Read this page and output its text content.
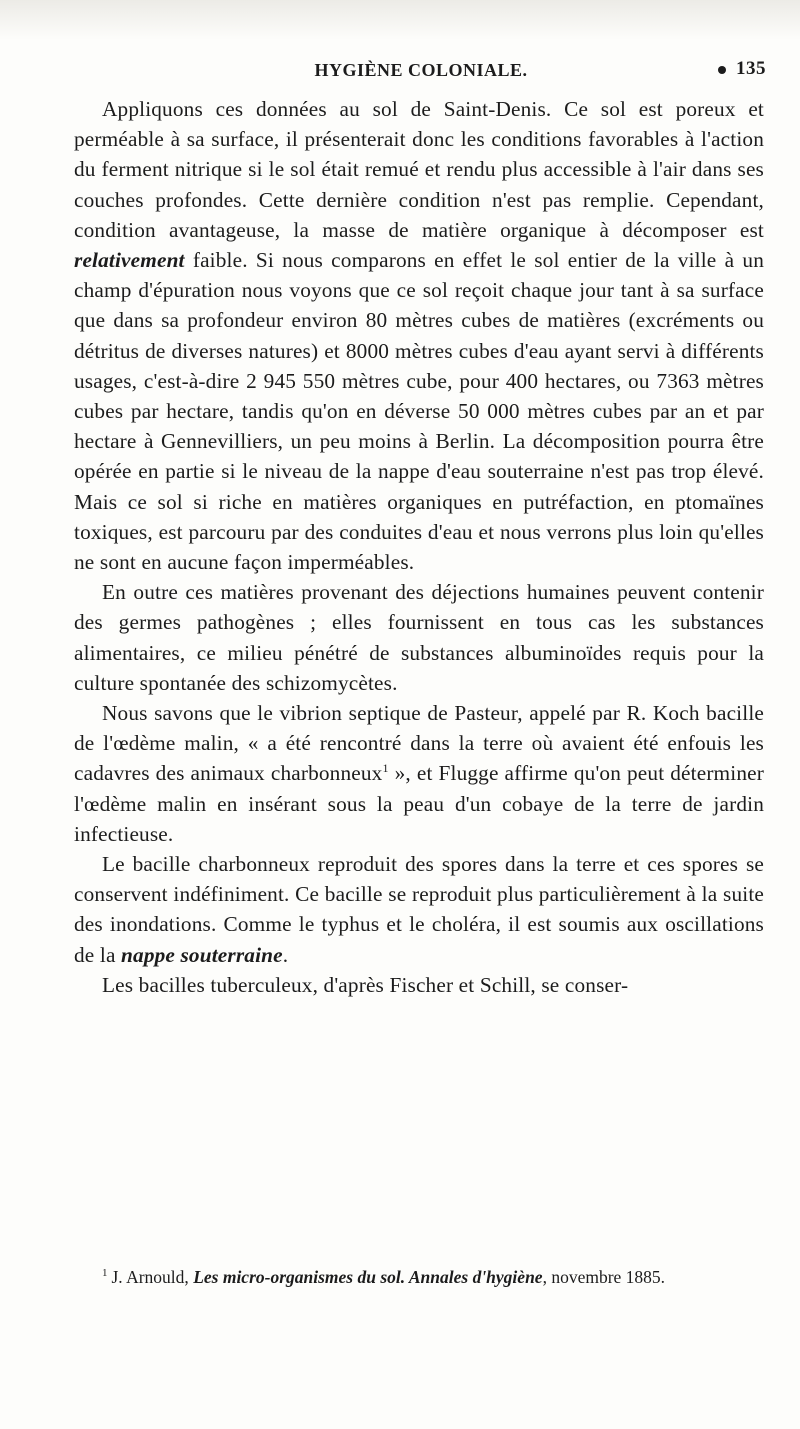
HYGIÈNE COLONIALE.	135

Appliquons ces données au sol de Saint-Denis. Ce sol est poreux et perméable à sa surface, il présenterait donc les conditions favorables à l'action du ferment nitrique si le sol était remué et rendu plus accessible à l'air dans ses couches profondes. Cette dernière condition n'est pas remplie. Cependant, condition avantageuse, la masse de matière organique à décomposer est relativement faible. Si nous comparons en effet le sol entier de la ville à un champ d'épuration nous voyons que ce sol reçoit chaque jour tant à sa surface que dans sa profondeur environ 80 mètres cubes de matières (excréments ou détritus de diverses natures) et 8000 mètres cubes d'eau ayant servi à différents usages, c'est-à-dire 2 945 550 mètres cube, pour 400 hectares, ou 7363 mètres cubes par hectare, tandis qu'on en déverse 50 000 mètres cubes par an et par hectare à Gennevilliers, un peu moins à Berlin. La décomposition pourra être opérée en partie si le niveau de la nappe d'eau souterraine n'est pas trop élevé. Mais ce sol si riche en matières organiques en putréfaction, en ptomaïnes toxiques, est parcouru par des conduites d'eau et nous verrons plus loin qu'elles ne sont en aucune façon imperméables.

En outre ces matières provenant des déjections humaines peuvent contenir des germes pathogènes ; elles fournissent en tous cas les substances alimentaires, ce milieu pénétré de substances albuminoïdes requis pour la culture spontanée des schizomycètes.

Nous savons que le vibrion septique de Pasteur, appelé par R. Koch bacille de l'œdème malin, « a été rencontré dans la terre où avaient été enfouis les cadavres des animaux charbonneux$^1$ », et Flugge affirme qu'on peut déterminer l'œdème malin en insérant sous la peau d'un cobaye de la terre de jardin infectieuse.

Le bacille charbonneux reproduit des spores dans la terre et ces spores se conservent indéfiniment. Ce bacille se reproduit plus particulièrement à la suite des inondations. Comme le typhus et le choléra, il est soumis aux oscillations de la nappe souterraine.

Les bacilles tuberculeux, d'après Fischer et Schill, se conser-

$^1$ J. Arnould, Les micro-organismes du sol. Annales d'hygiène, novembre 1885.
